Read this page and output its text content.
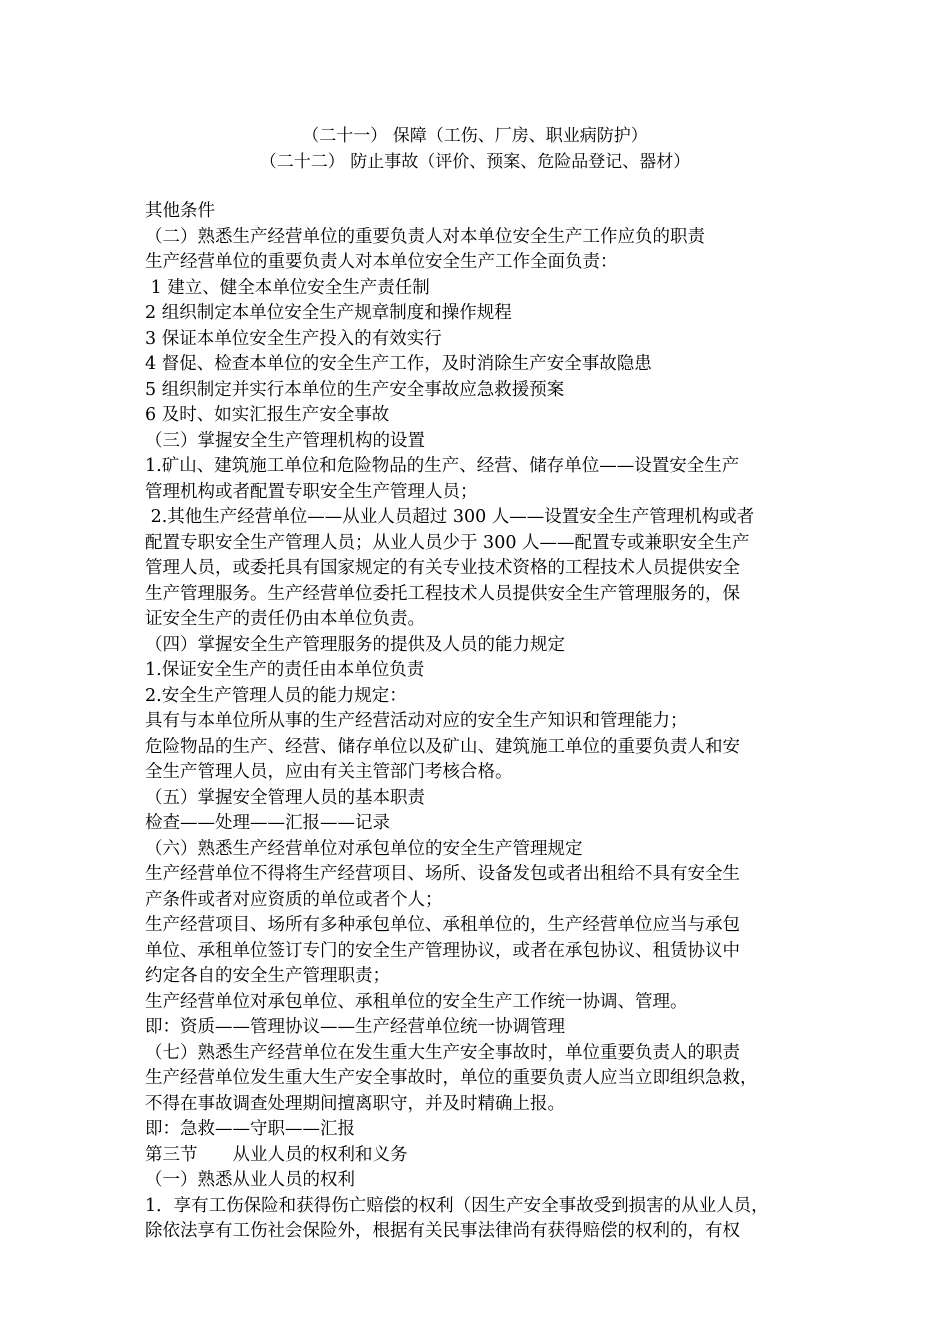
（二十一） 保障（工伤、厂房、职业病防护）
（二十二） 防止事故（评价、预案、危险品登记、器材）
其他条件
（二）熟悉生产经营单位的重要负责人对本单位安全生产工作应负的职责
生产经营单位的重要负责人对本单位安全生产工作全面负责：
1 建立、健全本单位安全生产责任制
2 组织制定本单位安全生产规章制度和操作规程
3 保证本单位安全生产投入的有效实行
4 督促、检查本单位的安全生产工作，及时消除生产安全事故隐患
5 组织制定并实行本单位的生产安全事故应急救援预案
6 及时、如实汇报生产安全事故
（三）掌握安全生产管理机构的设置
1.矿山、建筑施工单位和危险物品的生产、经营、储存单位——设置安全生产
管理机构或者配置专职安全生产管理人员；
2.其他生产经营单位——从业人员超过 300 人——设置安全生产管理机构或者
配置专职安全生产管理人员；从业人员少于 300 人——配置专或兼职安全生产
管理人员，或委托具有国家规定的有关专业技术资格的工程技术人员提供安全
生产管理服务。生产经营单位委托工程技术人员提供安全生产管理服务的，保
证安全生产的责任仍由本单位负责。
（四）掌握安全生产管理服务的提供及人员的能力规定
1.保证安全生产的责任由本单位负责
2.安全生产管理人员的能力规定：
具有与本单位所从事的生产经营活动对应的安全生产知识和管理能力；
危险物品的生产、经营、储存单位以及矿山、建筑施工单位的重要负责人和安
全生产管理人员，应由有关主管部门考核合格。
（五）掌握安全管理人员的基本职责
检查——处理——汇报——记录
（六）熟悉生产经营单位对承包单位的安全生产管理规定
生产经营单位不得将生产经营项目、场所、设备发包或者出租给不具有安全生
产条件或者对应资质的单位或者个人；
生产经营项目、场所有多种承包单位、承租单位的，生产经营单位应当与承包
单位、承租单位签订专门的安全生产管理协议，或者在承包协议、租赁协议中
约定各自的安全生产管理职责；
生产经营单位对承包单位、承租单位的安全生产工作统一协调、管理。
即：资质——管理协议——生产经营单位统一协调管理
（七）熟悉生产经营单位在发生重大生产安全事故时，单位重要负责人的职责
生产经营单位发生重大生产安全事故时，单位的重要负责人应当立即组织急救，
不得在事故调查处理期间擅离职守，并及时精确上报。
即：急救——守职——汇报
第三节　　从业人员的权利和义务
（一）熟悉从业人员的权利
1．享有工伤保险和获得伤亡赔偿的权利（因生产安全事故受到损害的从业人员，
除依法享有工伤社会保险外，根据有关民事法律尚有获得赔偿的权利的，有权
